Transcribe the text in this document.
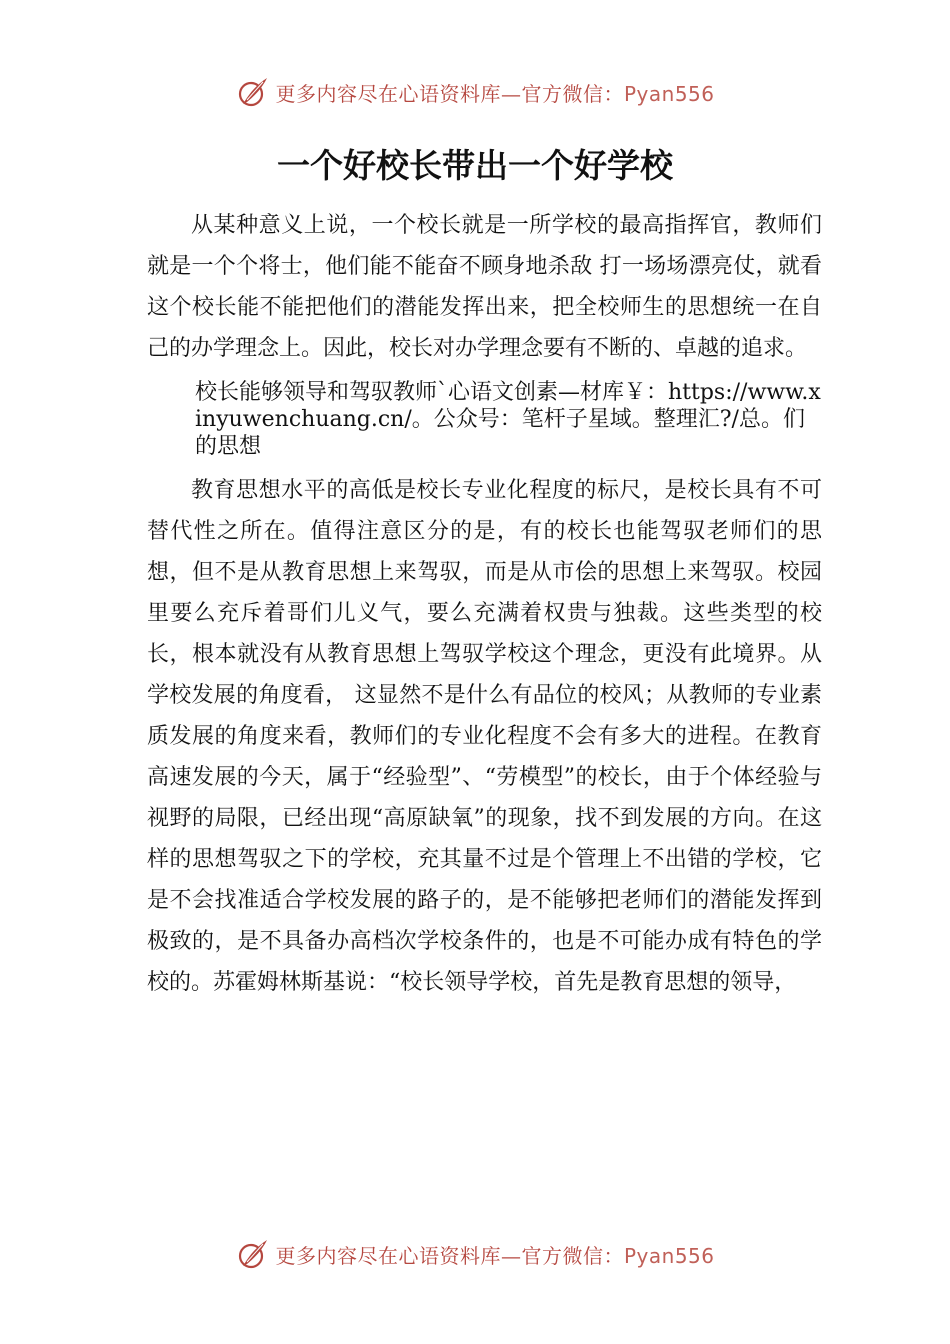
更多内容尽在心语资料库—官方微信：Pyan556
一个好校长带出一个好学校

从某种意义上说，一个校长就是一所学校的最高指挥官，教师们就是一个个将士，他们能不能奋不顾身地杀敌 打一场场漂亮仗，就看这个校长能不能把他们的潜能发挥出来，把全校师生的思想统一在自己的办学理念上。因此，校长对办学理念要有不断的、卓越的追求。

校长能够领导和驾驭教师`心语文创素—材库￥：https://www.xinyuwenchuang.cn/。公众号：笔杆子星域。整理汇?/总。们的思想

教育思想水平的高低是校长专业化程度的标尺，是校长具有不可替代性之所在。值得注意区分的是，有的校长也能驾驭老师们的思想，但不是从教育思想上来驾驭，而是从市侩的思想上来驾驭。校园里要么充斥着哥们儿义气，要么充满着权贵与独裁。这些类型的校长，根本就没有从教育思想上驾驭学校这个理念，更没有此境界。从学校发展的角度看， 这显然不是什么有品位的校风；从教师的专业素质发展的角度来看，教师们的专业化程度不会有多大的进程。在教育高速发展的今天，属于“经验型”、“劳模型”的校长，由于个体经验与视野的局限，已经出现“高原缺氧”的现象，找不到发展的方向。在这样的思想驾驭之下的学校，充其量不过是个管理上不出错的学校，它是不会找准适合学校发展的路子的，是不能够把老师们的潜能发挥到极致的，是不具备办高档次学校条件的，也是不可能办成有特色的学校的。苏霍姆林斯基说：“校长领导学校，首先是教育思想的领导，

更多内容尽在心语资料库—官方微信：Pyan556
